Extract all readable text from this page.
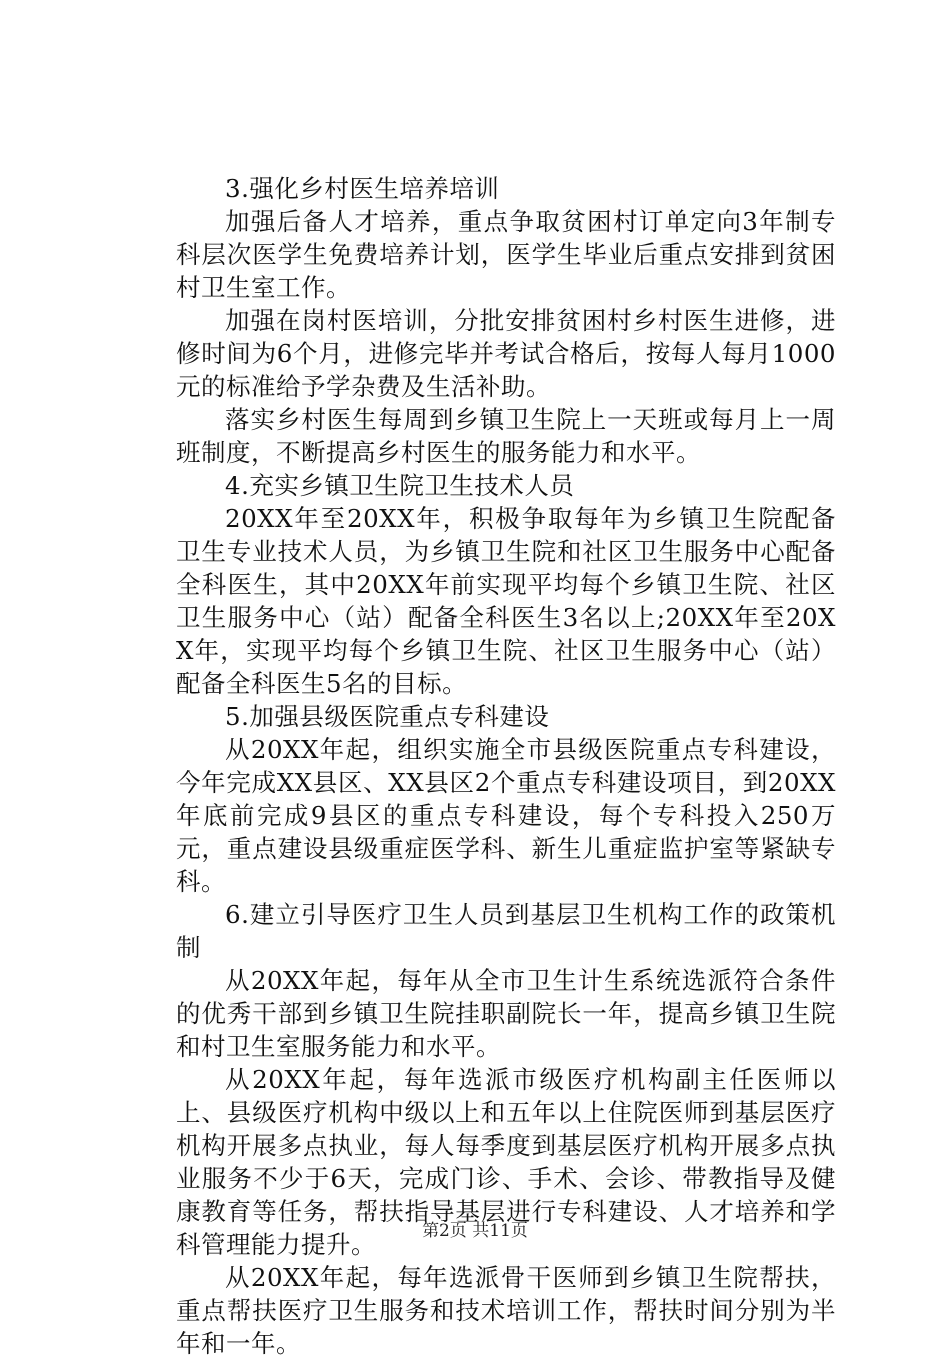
3.强化乡村医生培养培训

加强后备人才培养，重点争取贫困村订单定向3年制专科层次医学生免费培养计划，医学生毕业后重点安排到贫困村卫生室工作。

加强在岗村医培训，分批安排贫困村乡村医生进修，进修时间为6个月，进修完毕并考试合格后，按每人每月1000元的标准给予学杂费及生活补助。

落实乡村医生每周到乡镇卫生院上一天班或每月上一周班制度，不断提高乡村医生的服务能力和水平。

4.充实乡镇卫生院卫生技术人员

20XX年至20XX年，积极争取每年为乡镇卫生院配备卫生专业技术人员，为乡镇卫生院和社区卫生服务中心配备全科医生，其中20XX年前实现平均每个乡镇卫生院、社区卫生服务中心（站）配备全科医生3名以上;20XX年至20XX年，实现平均每个乡镇卫生院、社区卫生服务中心（站）配备全科医生5名的目标。

5.加强县级医院重点专科建设

从20XX年起，组织实施全市县级医院重点专科建设，今年完成XX县区、XX县区2个重点专科建设项目，到20XX年底前完成9县区的重点专科建设，每个专科投入250万元，重点建设县级重症医学科、新生儿重症监护室等紧缺专科。

6.建立引导医疗卫生人员到基层卫生机构工作的政策机制

从20XX年起，每年从全市卫生计生系统选派符合条件的优秀干部到乡镇卫生院挂职副院长一年，提高乡镇卫生院和村卫生室服务能力和水平。

从20XX年起，每年选派市级医疗机构副主任医师以上、县级医疗机构中级以上和五年以上住院医师到基层医疗机构开展多点执业，每人每季度到基层医疗机构开展多点执业服务不少于6天，完成门诊、手术、会诊、带教指导及健康教育等任务，帮扶指导基层进行专科建设、人才培养和学科管理能力提升。

从20XX年起，每年选派骨干医师到乡镇卫生院帮扶，重点帮扶医疗卫生服务和技术培训工作，帮扶时间分别为半年和一年。

第2页 共11页
